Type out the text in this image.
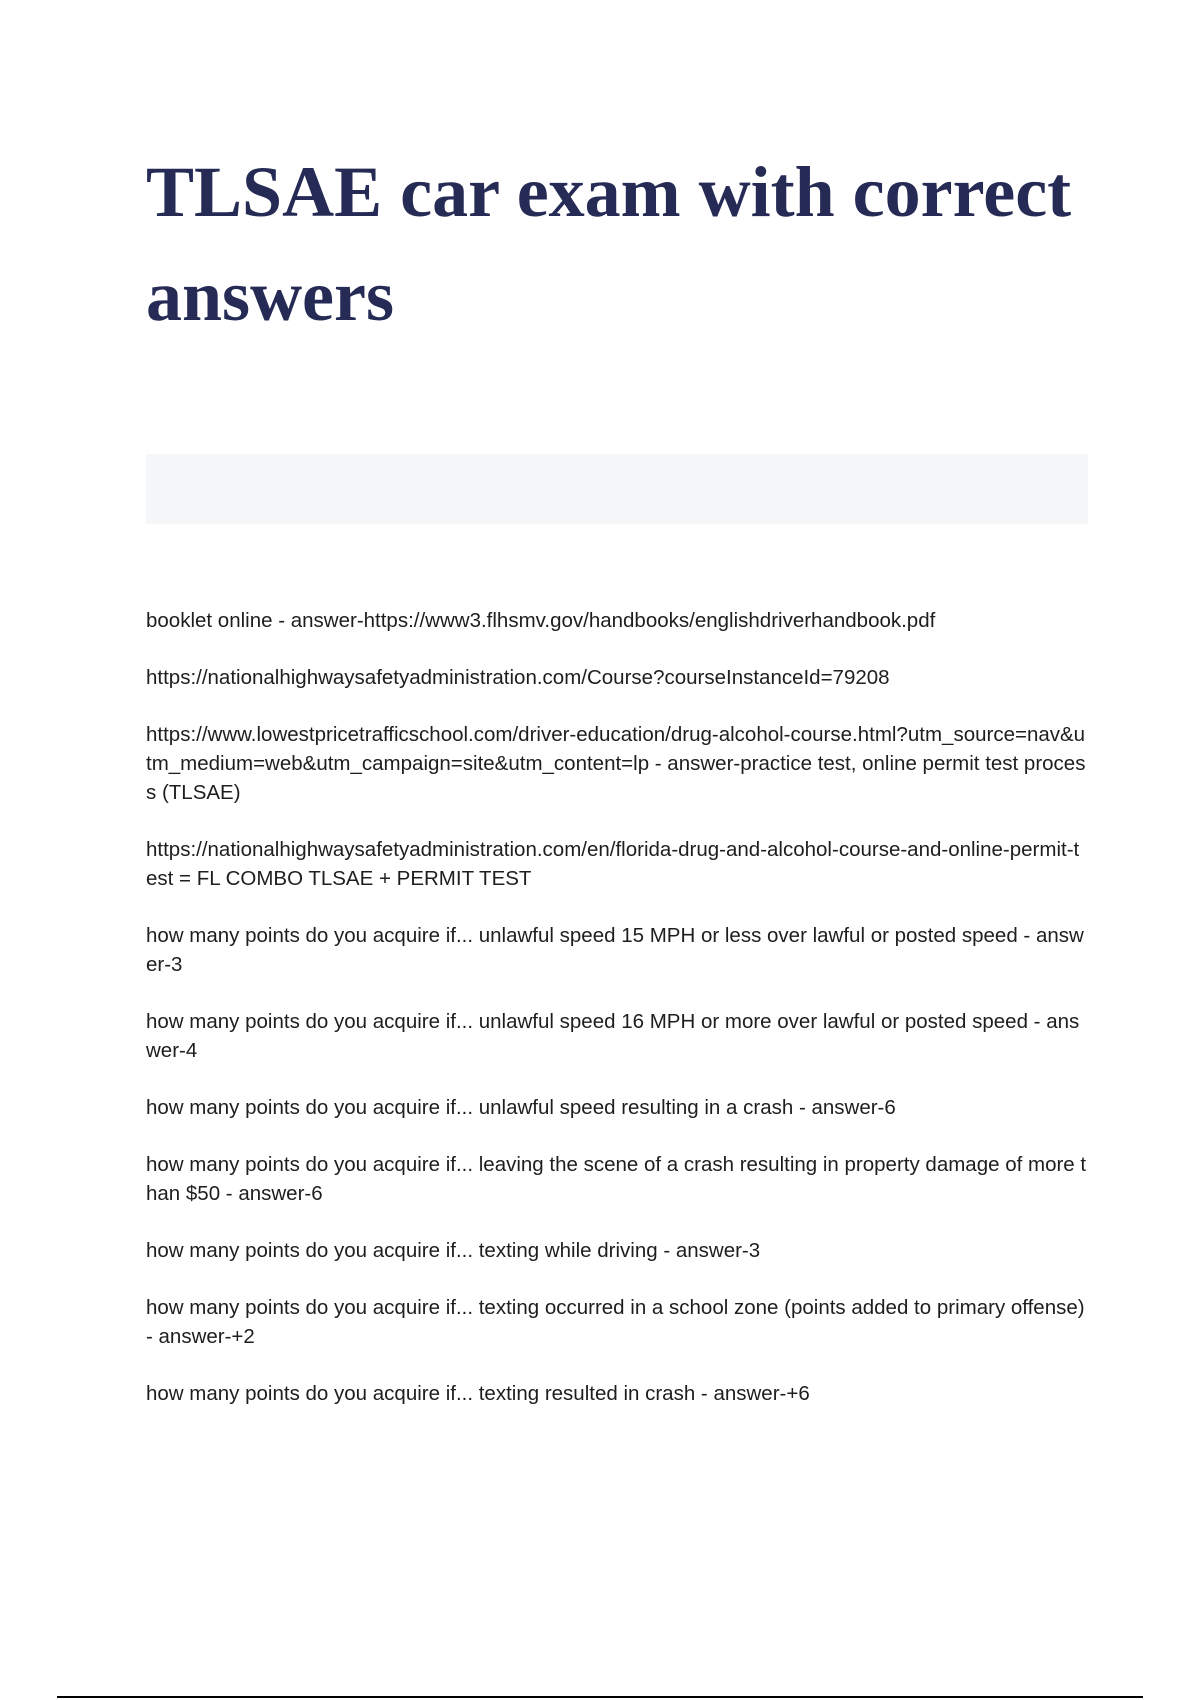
TLSAE car exam with correct answers

booklet online - answer-https://www3.flhsmv.gov/handbooks/englishdriverhandbook.pdf

https://nationalhighwaysafetyadministration.com/Course?courseInstanceId=79208

https://www.lowestpricetrafficschool.com/driver-education/drug-alcohol-course.html?utm_source=nav&utm_medium=web&utm_campaign=site&utm_content=lp - answer-practice test, online permit test process (TLSAE)

https://nationalhighwaysafetyadministration.com/en/florida-drug-and-alcohol-course-and-online-permit-test = FL COMBO TLSAE + PERMIT TEST

how many points do you acquire if... unlawful speed 15 MPH or less over lawful or posted speed - answer-3

how many points do you acquire if... unlawful speed 16 MPH or more over lawful or posted speed - answer-4

how many points do you acquire if... unlawful speed resulting in a crash - answer-6

how many points do you acquire if... leaving the scene of a crash resulting in property damage of more than $50 - answer-6

how many points do you acquire if... texting while driving - answer-3

how many points do you acquire if... texting occurred in a school zone (points added to primary offense) - answer-+2

how many points do you acquire if... texting resulted in crash - answer-+6
